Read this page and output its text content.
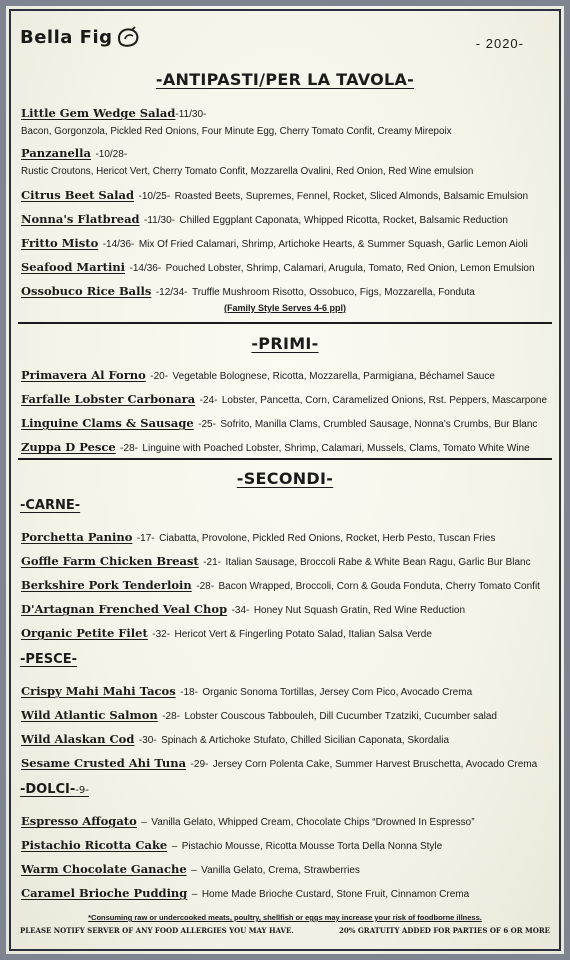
Bella Fig	- 2020-
-ANTIPASTI/PER LA TAVOLA-
Little Gem Wedge Salad-11/30-
Bacon, Gorgonzola, Pickled Red Onions, Four Minute Egg, Cherry Tomato Confit, Creamy Mirepoix
Panzanella -10/28-
Rustic Croutons, Hericot Vert, Cherry Tomato Confit, Mozzarella Ovalini, Red Onion, Red Wine emulsion
Citrus Beet Salad -10/25- Roasted Beets, Supremes, Fennel, Rocket, Sliced Almonds, Balsamic Emulsion
Nonna's Flatbread -11/30- Chilled Eggplant Caponata, Whipped Ricotta, Rocket, Balsamic Reduction
Fritto Misto -14/36- Mix Of Fried Calamari, Shrimp, Artichoke Hearts, & Summer Squash, Garlic Lemon Aioli
Seafood Martini -14/36- Pouched Lobster, Shrimp, Calamari, Arugula, Tomato, Red Onion, Lemon Emulsion
Ossobuco Rice Balls -12/34- Truffle Mushroom Risotto, Ossobuco, Figs, Mozzarella, Fonduta
(Family Style Serves 4-6 ppl)
-PRIMI-
Primavera Al Forno -20- Vegetable Bolognese, Ricotta, Mozzarella, Parmigiana, Béchamel Sauce
Farfalle Lobster Carbonara -24- Lobster, Pancetta, Corn, Caramelized Onions, Rst. Peppers, Mascarpone
Linguine Clams & Sausage -25- Sofrito, Manilla Clams, Crumbled Sausage, Nonna's Crumbs, Bur Blanc
Zuppa D Pesce -28- Linguine with Poached Lobster, Shrimp, Calamari, Mussels, Clams, Tomato White Wine
-SECONDI-
-CARNE-
Porchetta Panino -17- Ciabatta, Provolone, Pickled Red Onions, Rocket, Herb Pesto, Tuscan Fries
Goffle Farm Chicken Breast -21- Italian Sausage, Broccoli Rabe & White Bean Ragu, Garlic Bur Blanc
Berkshire Pork Tenderloin -28- Bacon Wrapped, Broccoli, Corn & Gouda Fonduta, Cherry Tomato Confit
D'Artagnan Frenched Veal Chop -34- Honey Nut Squash Gratin, Red Wine Reduction
Organic Petite Filet -32- Hericot Vert & Fingerling Potato Salad, Italian Salsa Verde
-PESCE-
Crispy Mahi Mahi Tacos -18- Organic Sonoma Tortillas, Jersey Corn Pico, Avocado Crema
Wild Atlantic Salmon -28- Lobster Couscous Tabbouleh, Dill Cucumber Tzatziki, Cucumber salad
Wild Alaskan Cod -30- Spinach & Artichoke Stufato, Chilled Sicilian Caponata, Skordalia
Sesame Crusted Ahi Tuna -29- Jersey Corn Polenta Cake, Summer Harvest Bruschetta, Avocado Crema
-DOLCI--9-
Espresso Affogato – Vanilla Gelato, Whipped Cream, Chocolate Chips “Drowned In Espresso”
Pistachio Ricotta Cake – Pistachio Mousse, Ricotta Mousse Torta Della Nonna Style
Warm Chocolate Ganache – Vanilla Gelato, Crema, Strawberries
Caramel Brioche Pudding – Home Made Brioche Custard, Stone Fruit, Cinnamon Crema
*Consuming raw or undercooked meats, poultry, shellfish or eggs may increase your risk of foodborne illness.
PLEASE NOTIFY SERVER OF ANY FOOD ALLERGIES YOU MAY HAVE.	20% GRATUITY ADDED FOR PARTIES OF 6 OR MORE
